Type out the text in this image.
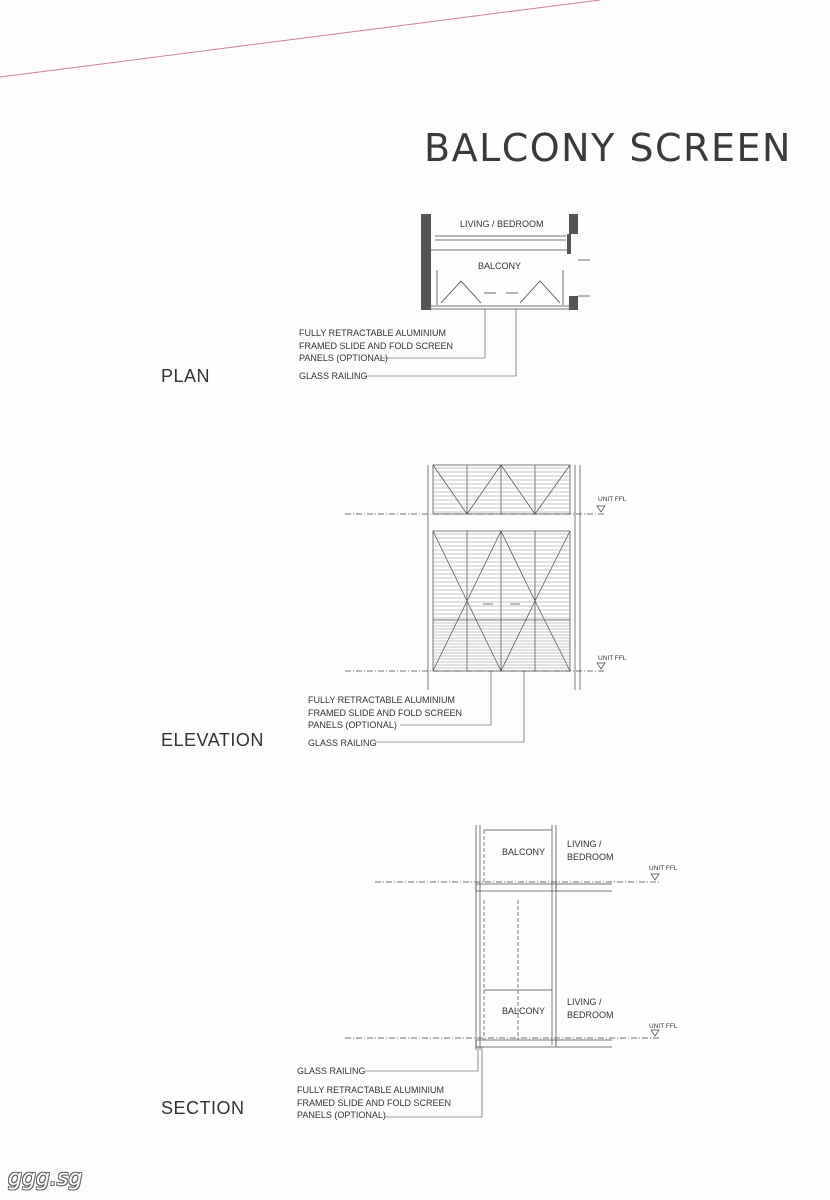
BALCONY SCREEN
LIVING / BEDROOM
BALCONY
FULLY RETRACTABLE ALUMINIUM
FRAMED SLIDE AND FOLD SCREEN
PANELS (OPTIONAL)
GLASS RAILING
PLAN
UNIT FFL
UNIT FFL
FULLY RETRACTABLE ALUMINIUM
FRAMED SLIDE AND FOLD SCREEN
PANELS (OPTIONAL)
GLASS RAILING
ELEVATION
BALCONY
LIVING /
BEDROOM
UNIT FFL
BALCONY
LIVING /
BEDROOM
UNIT FFL
GLASS RAILING
FULLY RETRACTABLE ALUMINIUM
FRAMED SLIDE AND FOLD SCREEN
PANELS (OPTIONAL)
SECTION
ggg.sg
